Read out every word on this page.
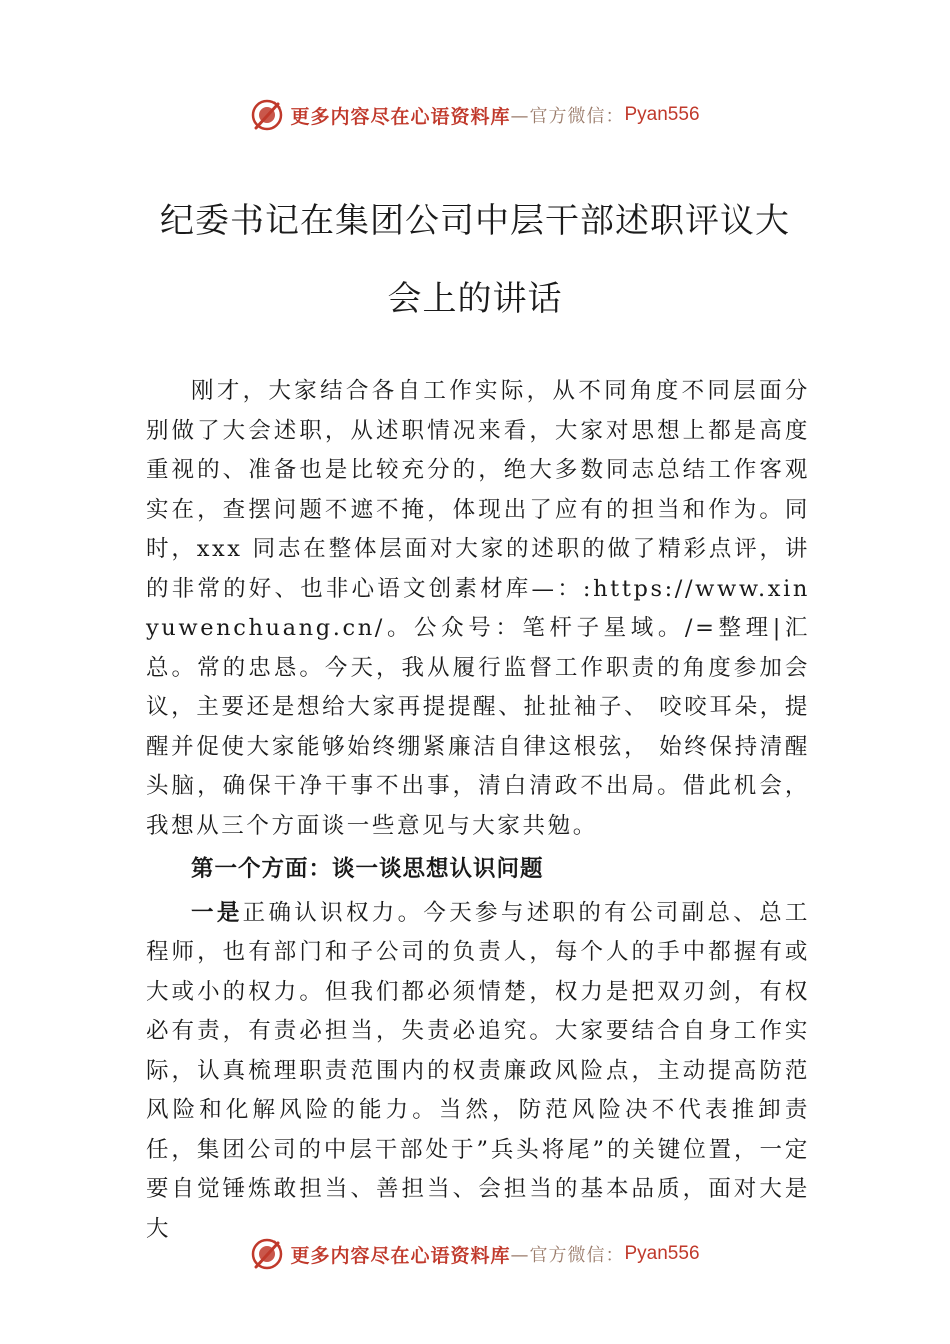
更多内容尽在心语资料库 —官方微信： Pyan556
纪委书记在集团公司中层干部述职评议大
会上的讲话

刚才，大家结合各自工作实际，从不同角度不同层面分别做了大会述职，从述职情况来看，大家对思想上都是高度重视的、准备也是比较充分的，绝大多数同志总结工作客观实在，查摆问题不遮不掩，体现出了应有的担当和作为。同时，xxx 同志在整体层面对大家的述职的做了精彩点评，讲的非常的好、也非心语文创素材库—：:https://www.xinyuwenchuang.cn/。公众号：笔杆子星域。/=整理|汇总。常的忠恳。今天，我从履行监督工作职责的角度参加会议，主要还是想给大家再提提醒、扯扯袖子、 咬咬耳朵，提醒并促使大家能够始终绷紧廉洁自律这根弦， 始终保持清醒头脑，确保干净干事不出事，清白清政不出局。借此机会，我想从三个方面谈一些意见与大家共勉。

第一个方面：谈一谈思想认识问题

一是正确认识权力。今天参与述职的有公司副总、总工程师，也有部门和子公司的负责人，每个人的手中都握有或大或小的权力。但我们都必须情楚，权力是把双刃剑，有权必有责，有责必担当，失责必追究。大家要结合自身工作实际，认真梳理职责范围内的权责廉政风险点，主动提高防范风险和化解风险的能力。当然，防范风险决不代表推卸责任，集团公司的中层干部处于”兵头将尾”的关键位置，一定要自觉锤炼敢担当、善担当、会担当的基本品质，面对大是大

更多内容尽在心语资料库 —官方微信： Pyan556
